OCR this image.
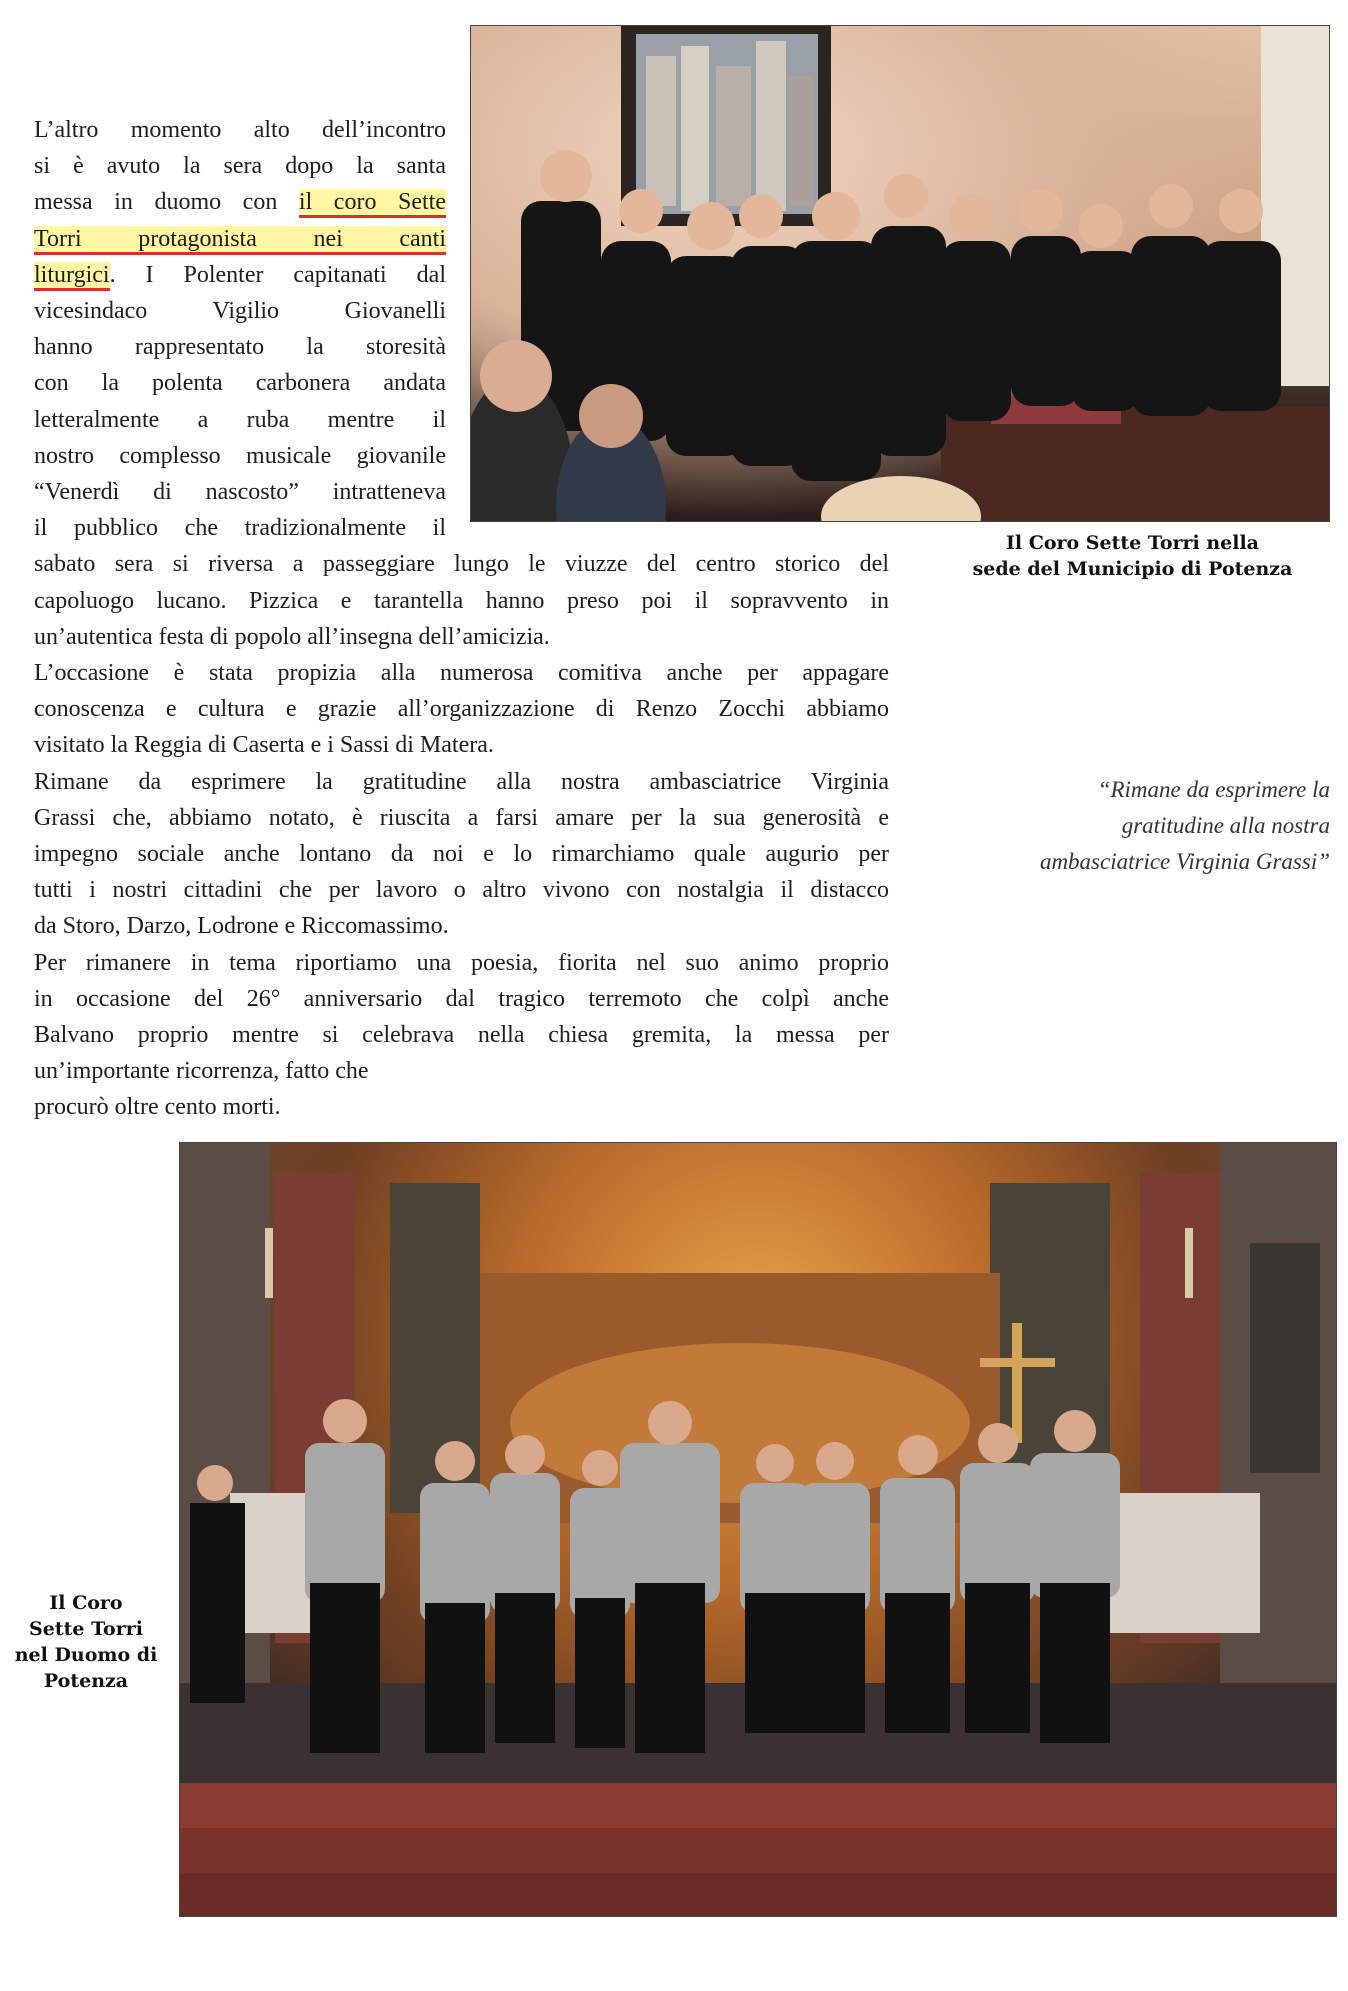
L’altro momento alto dell’incontro
si è avuto la sera dopo la santa
messa in duomo con il coro Sette
Torri protagonista nei canti
liturgici. I Polenter capitanati dal
vicesindaco Vigilio Giovanelli
hanno rappresentato la storesità
con la polenta carbonera andata
letteralmente a ruba mentre il
nostro complesso musicale giovanile
“Venerdì di nascosto” intratteneva
il pubblico che tradizionalmente il
sabato sera si riversa a passeggiare lungo le viuzze del centro storico del
capoluogo lucano. Pizzica e tarantella hanno preso poi il sopravvento in
un’autentica festa di popolo all’insegna dell’amicizia.
L’occasione è stata propizia alla numerosa comitiva anche per appagare
conoscenza e cultura e grazie all’organizzazione di Renzo Zocchi abbiamo
visitato la Reggia di Caserta e i Sassi di Matera.
Rimane da esprimere la gratitudine alla nostra ambasciatrice Virginia
Grassi che, abbiamo notato, è riuscita a farsi amare per la sua generosità e
impegno sociale anche lontano da noi e lo rimarchiamo quale augurio per
tutti i nostri cittadini che per lavoro o altro vivono con nostalgia il distacco
da Storo, Darzo, Lodrone e Riccomassimo.
Per rimanere in tema riportiamo una poesia, fiorita nel suo animo proprio
in occasione del 26° anniversario dal tragico terremoto che colpì anche
Balvano proprio mentre si celebrava nella chiesa gremita, la messa per
un’importante ricorrenza, fatto che
procurò oltre cento morti.
Il Coro Sette Torri nella
sede del Municipio di Potenza
“Rimane da esprimere la
gratitudine alla nostra
ambasciatrice Virginia Grassi”
Il Coro
Sette Torri
nel Duomo di
Potenza
